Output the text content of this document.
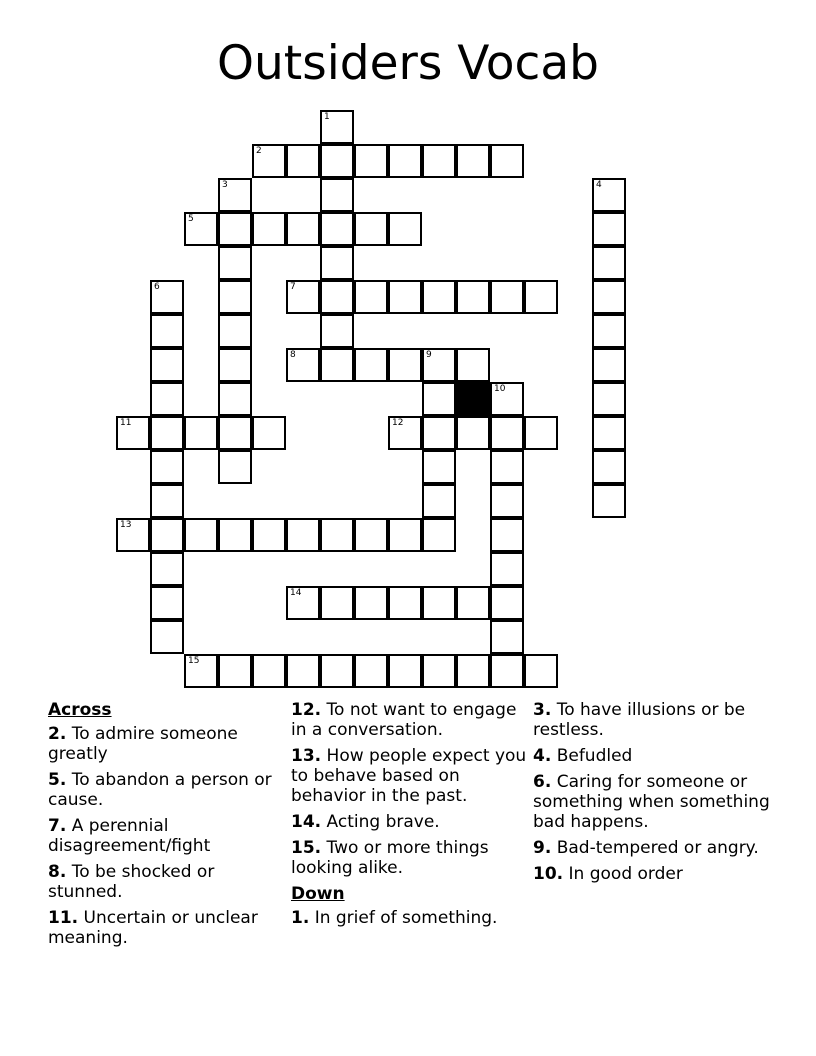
Outsiders Vocab
1
2
3	4
5
6	7
8	9
10
11	12
13
14
15
Across
2. To admire someone greatly
5. To abandon a person or cause.
7. A perennial disagreement/fight
8. To be shocked or stunned.
11. Uncertain or unclear meaning.
12. To not want to engage in a conversation.
13. How people expect you to behave based on behavior in the past.
14. Acting brave.
15. Two or more things looking alike.
Down
1. In grief of something.
3. To have illusions or be restless.
4. Befudled
6. Caring for someone or something when something bad happens.
9. Bad-tempered or angry.
10. In good order
